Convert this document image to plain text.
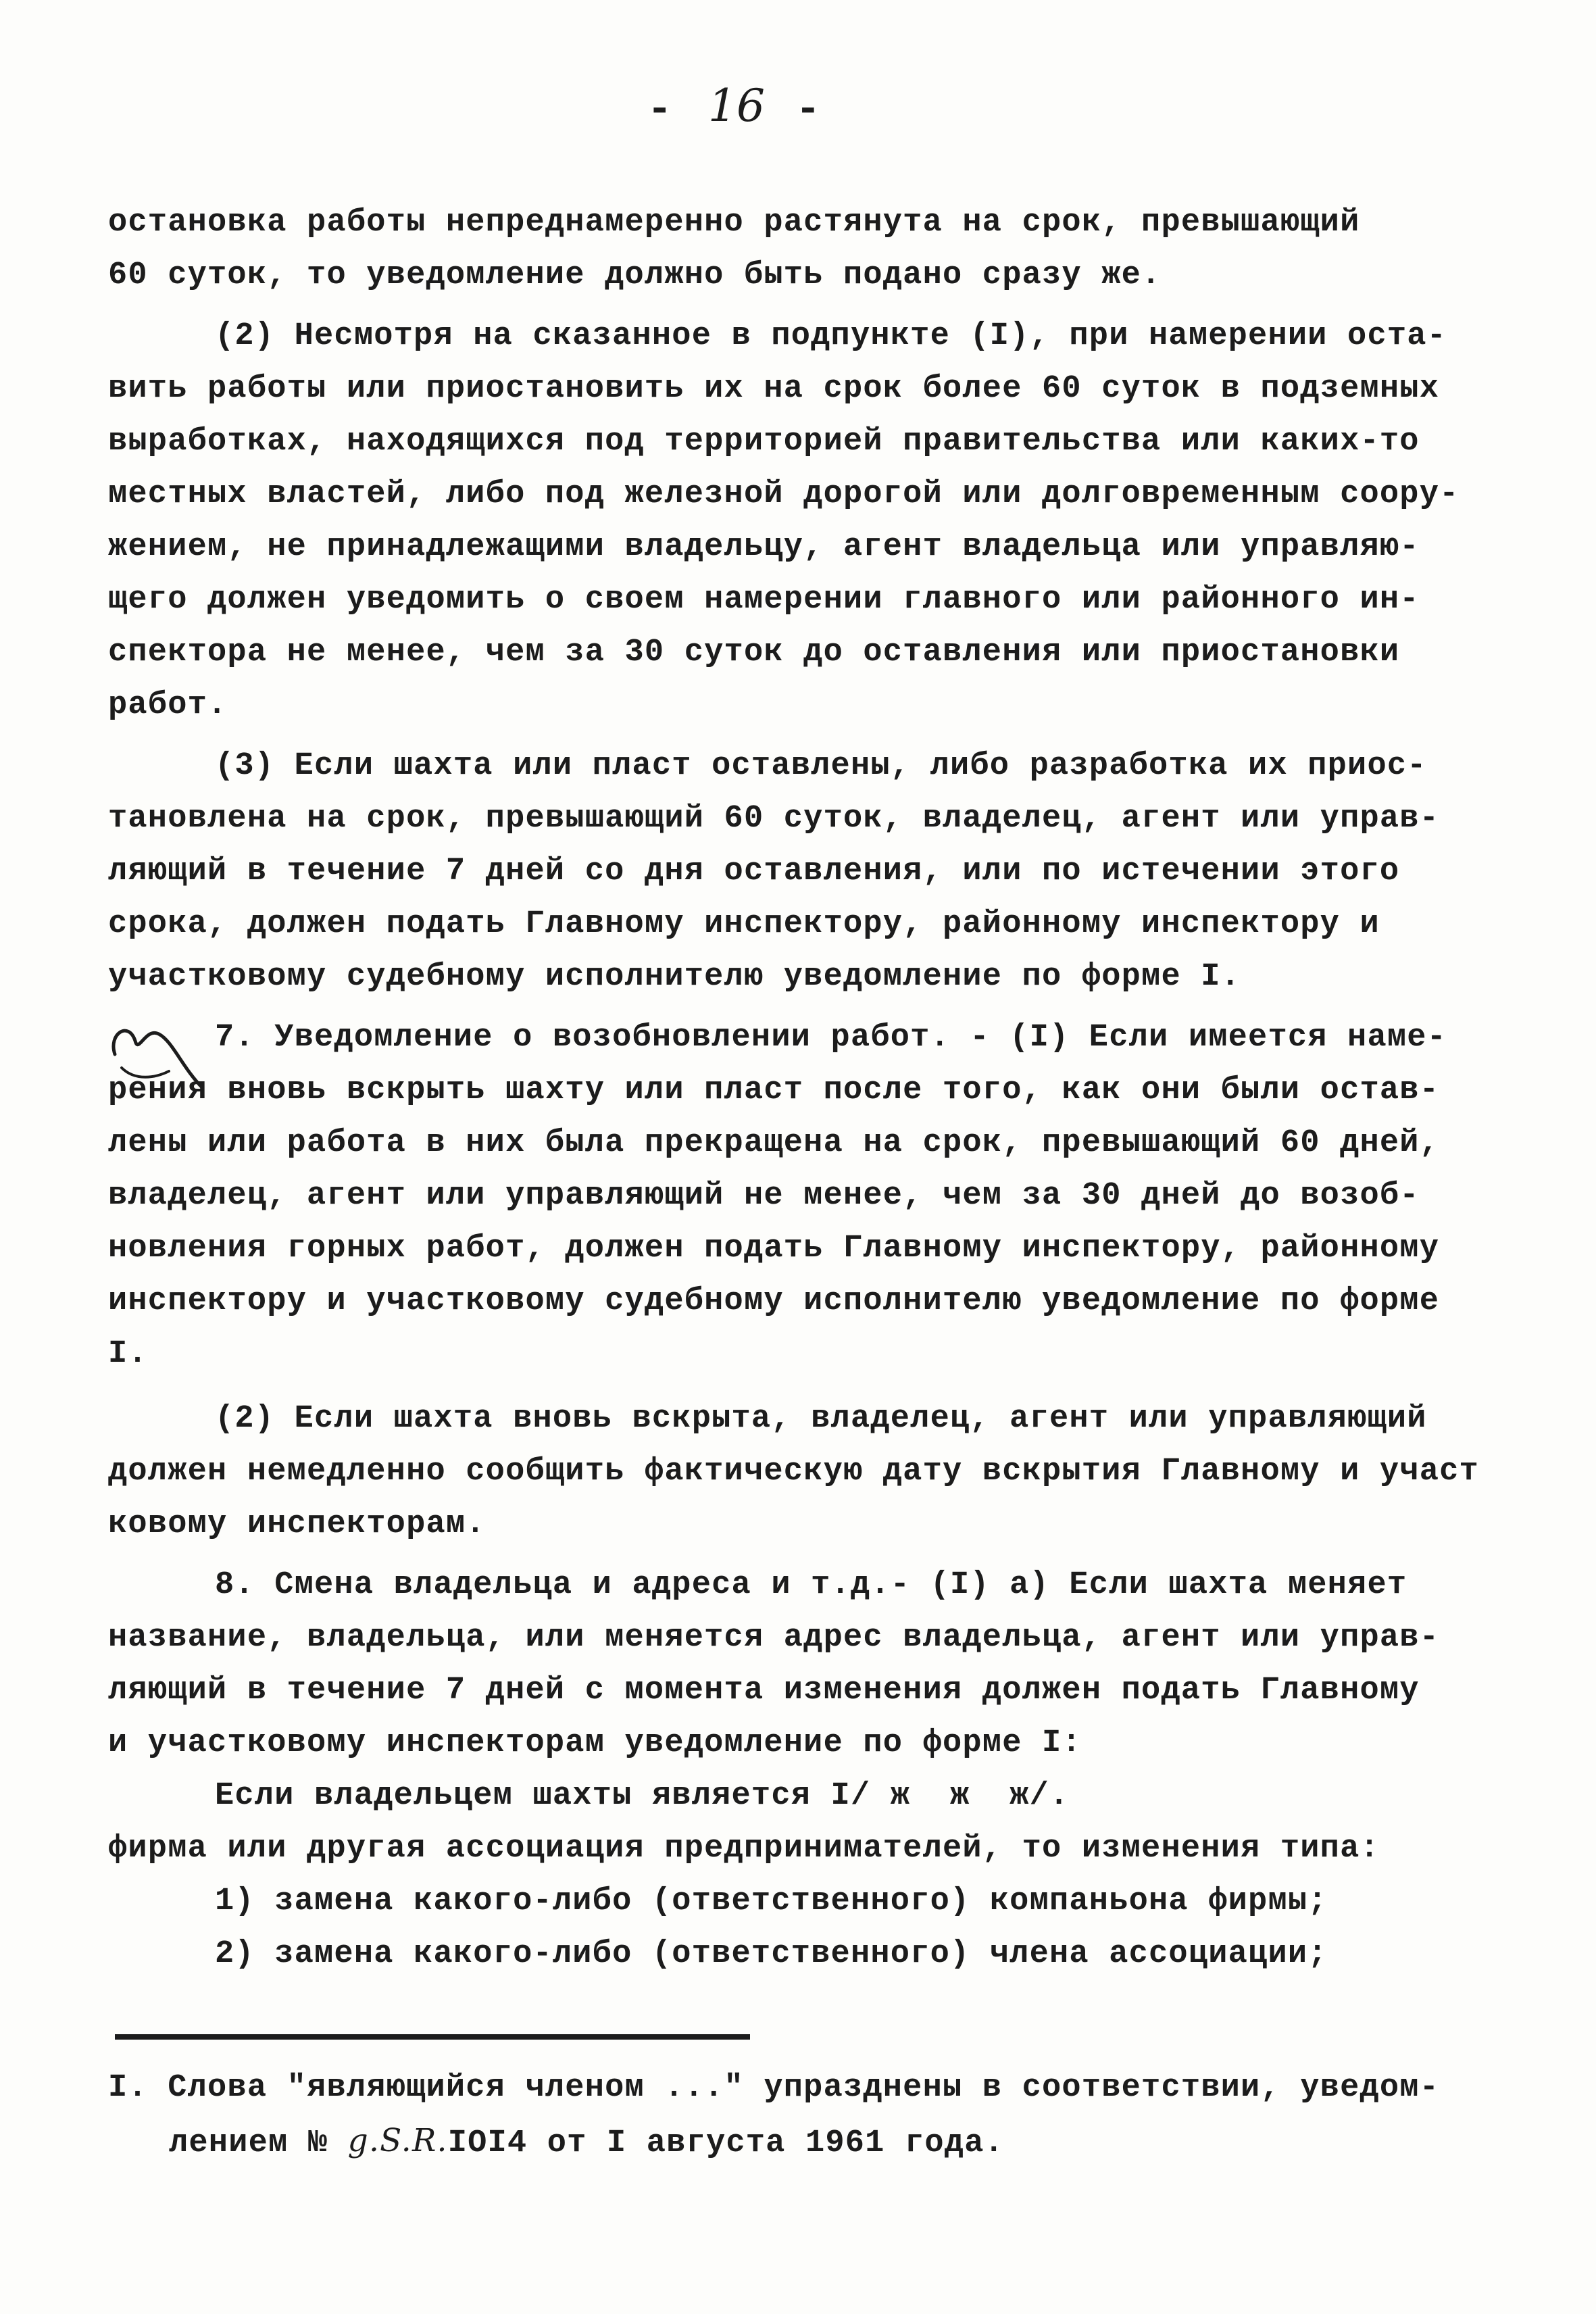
- 16 -
остановка работы непреднамеренно растянута на срок, превышающий
60 суток, то уведомление должно быть подано сразу же.
(2) Несмотря на сказанное в подпункте (I), при намерении оста-
вить работы или приостановить их на срок более 60 суток в подземных
выработках, находящихся под территорией правительства или каких-то
местных властей, либо под железной дорогой или долговременным соору-
жением, не принадлежащими владельцу, агент владельца или управляю-
щего должен уведомить о своем намерении главного или районного ин-
спектора не менее, чем за 30 суток до оставления или приостановки
работ.
(3) Если шахта или пласт оставлены, либо разработка их приос-
тановлена на срок, превышающий 60 суток, владелец, агент или управ-
ляющий в течение 7 дней со дня оставления, или по истечении этого
срока, должен подать Главному инспектору, районному инспектору и
участковому судебному исполнителю уведомление по форме I.
7. Уведомление о возобновлении работ. - (I) Если имеется наме-
рения вновь вскрыть шахту или пласт после того, как они были остав-
лены или работа в них была прекращена на срок, превышающий 60 дней,
владелец, агент или управляющий не менее, чем за 30 дней до возоб-
новления горных работ, должен подать Главному инспектору, районному
инспектору и участковому судебному исполнителю уведомление по форме
I.
(2) Если шахта вновь вскрыта, владелец, агент или управляющий
должен немедленно сообщить фактическую дату вскрытия Главному и участ
ковому инспекторам.
8. Смена владельца и адреса и т.д.- (I) а) Если шахта меняет
название, владельца, или меняется адрес владельца, агент или управ-
ляющий в течение 7 дней с момента изменения должен подать Главному
и участковому инспекторам уведомление по форме I:
Если владельцем шахты является I/ ж  ж  ж/.
фирма или другая ассоциация предпринимателей, то изменения типа:
1) замена какого-либо (ответственного) компаньона фирмы;
2) замена какого-либо (ответственного) члена ассоциации;
I. Слова "являющийся членом ..." упразднены в соответствии, уведом-
лением № g.S.R.IOI4 от I августа 1961 года.
